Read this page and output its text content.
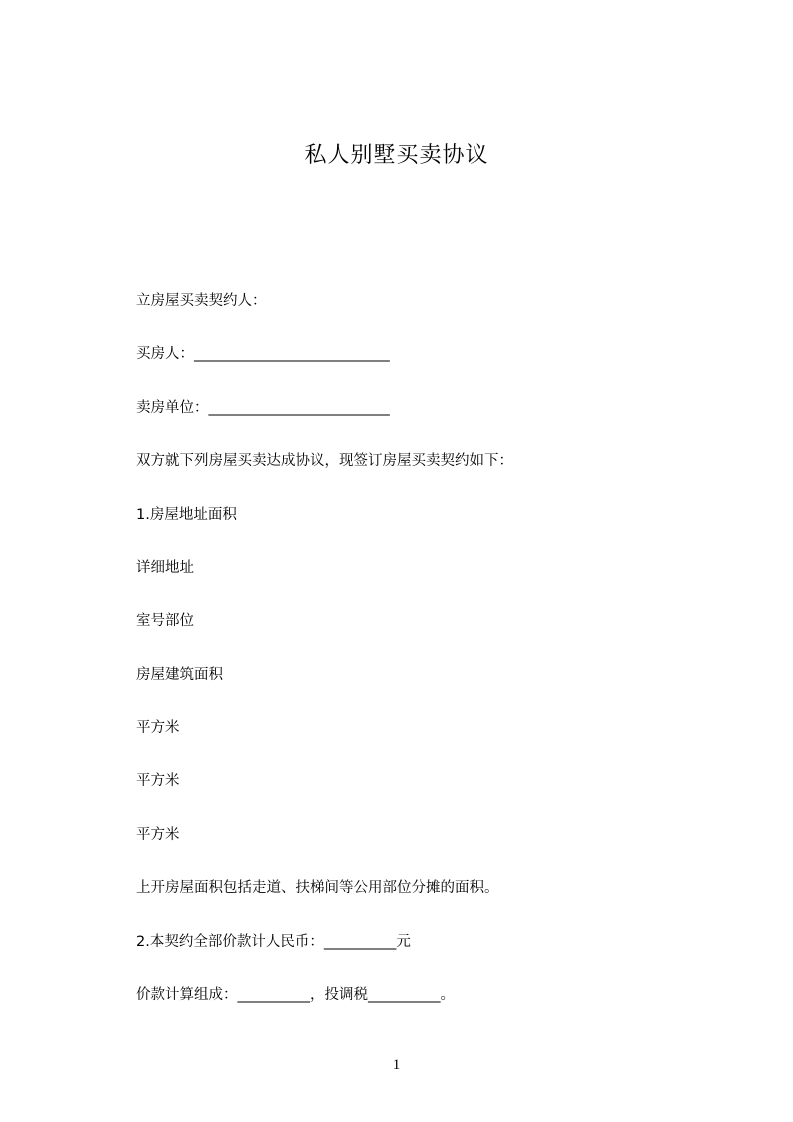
私人别墅买卖协议
立房屋买卖契约人：
买房人：___________________________
卖房单位：_________________________
双方就下列房屋买卖达成协议，现签订房屋买卖契约如下：
1.房屋地址面积
详细地址
室号部位
房屋建筑面积
平方米
平方米
平方米
上开房屋面积包括走道、扶梯间等公用部位分摊的面积。
2.本契约全部价款计人民币：__________元
价款计算组成：__________，投调税__________。
1
